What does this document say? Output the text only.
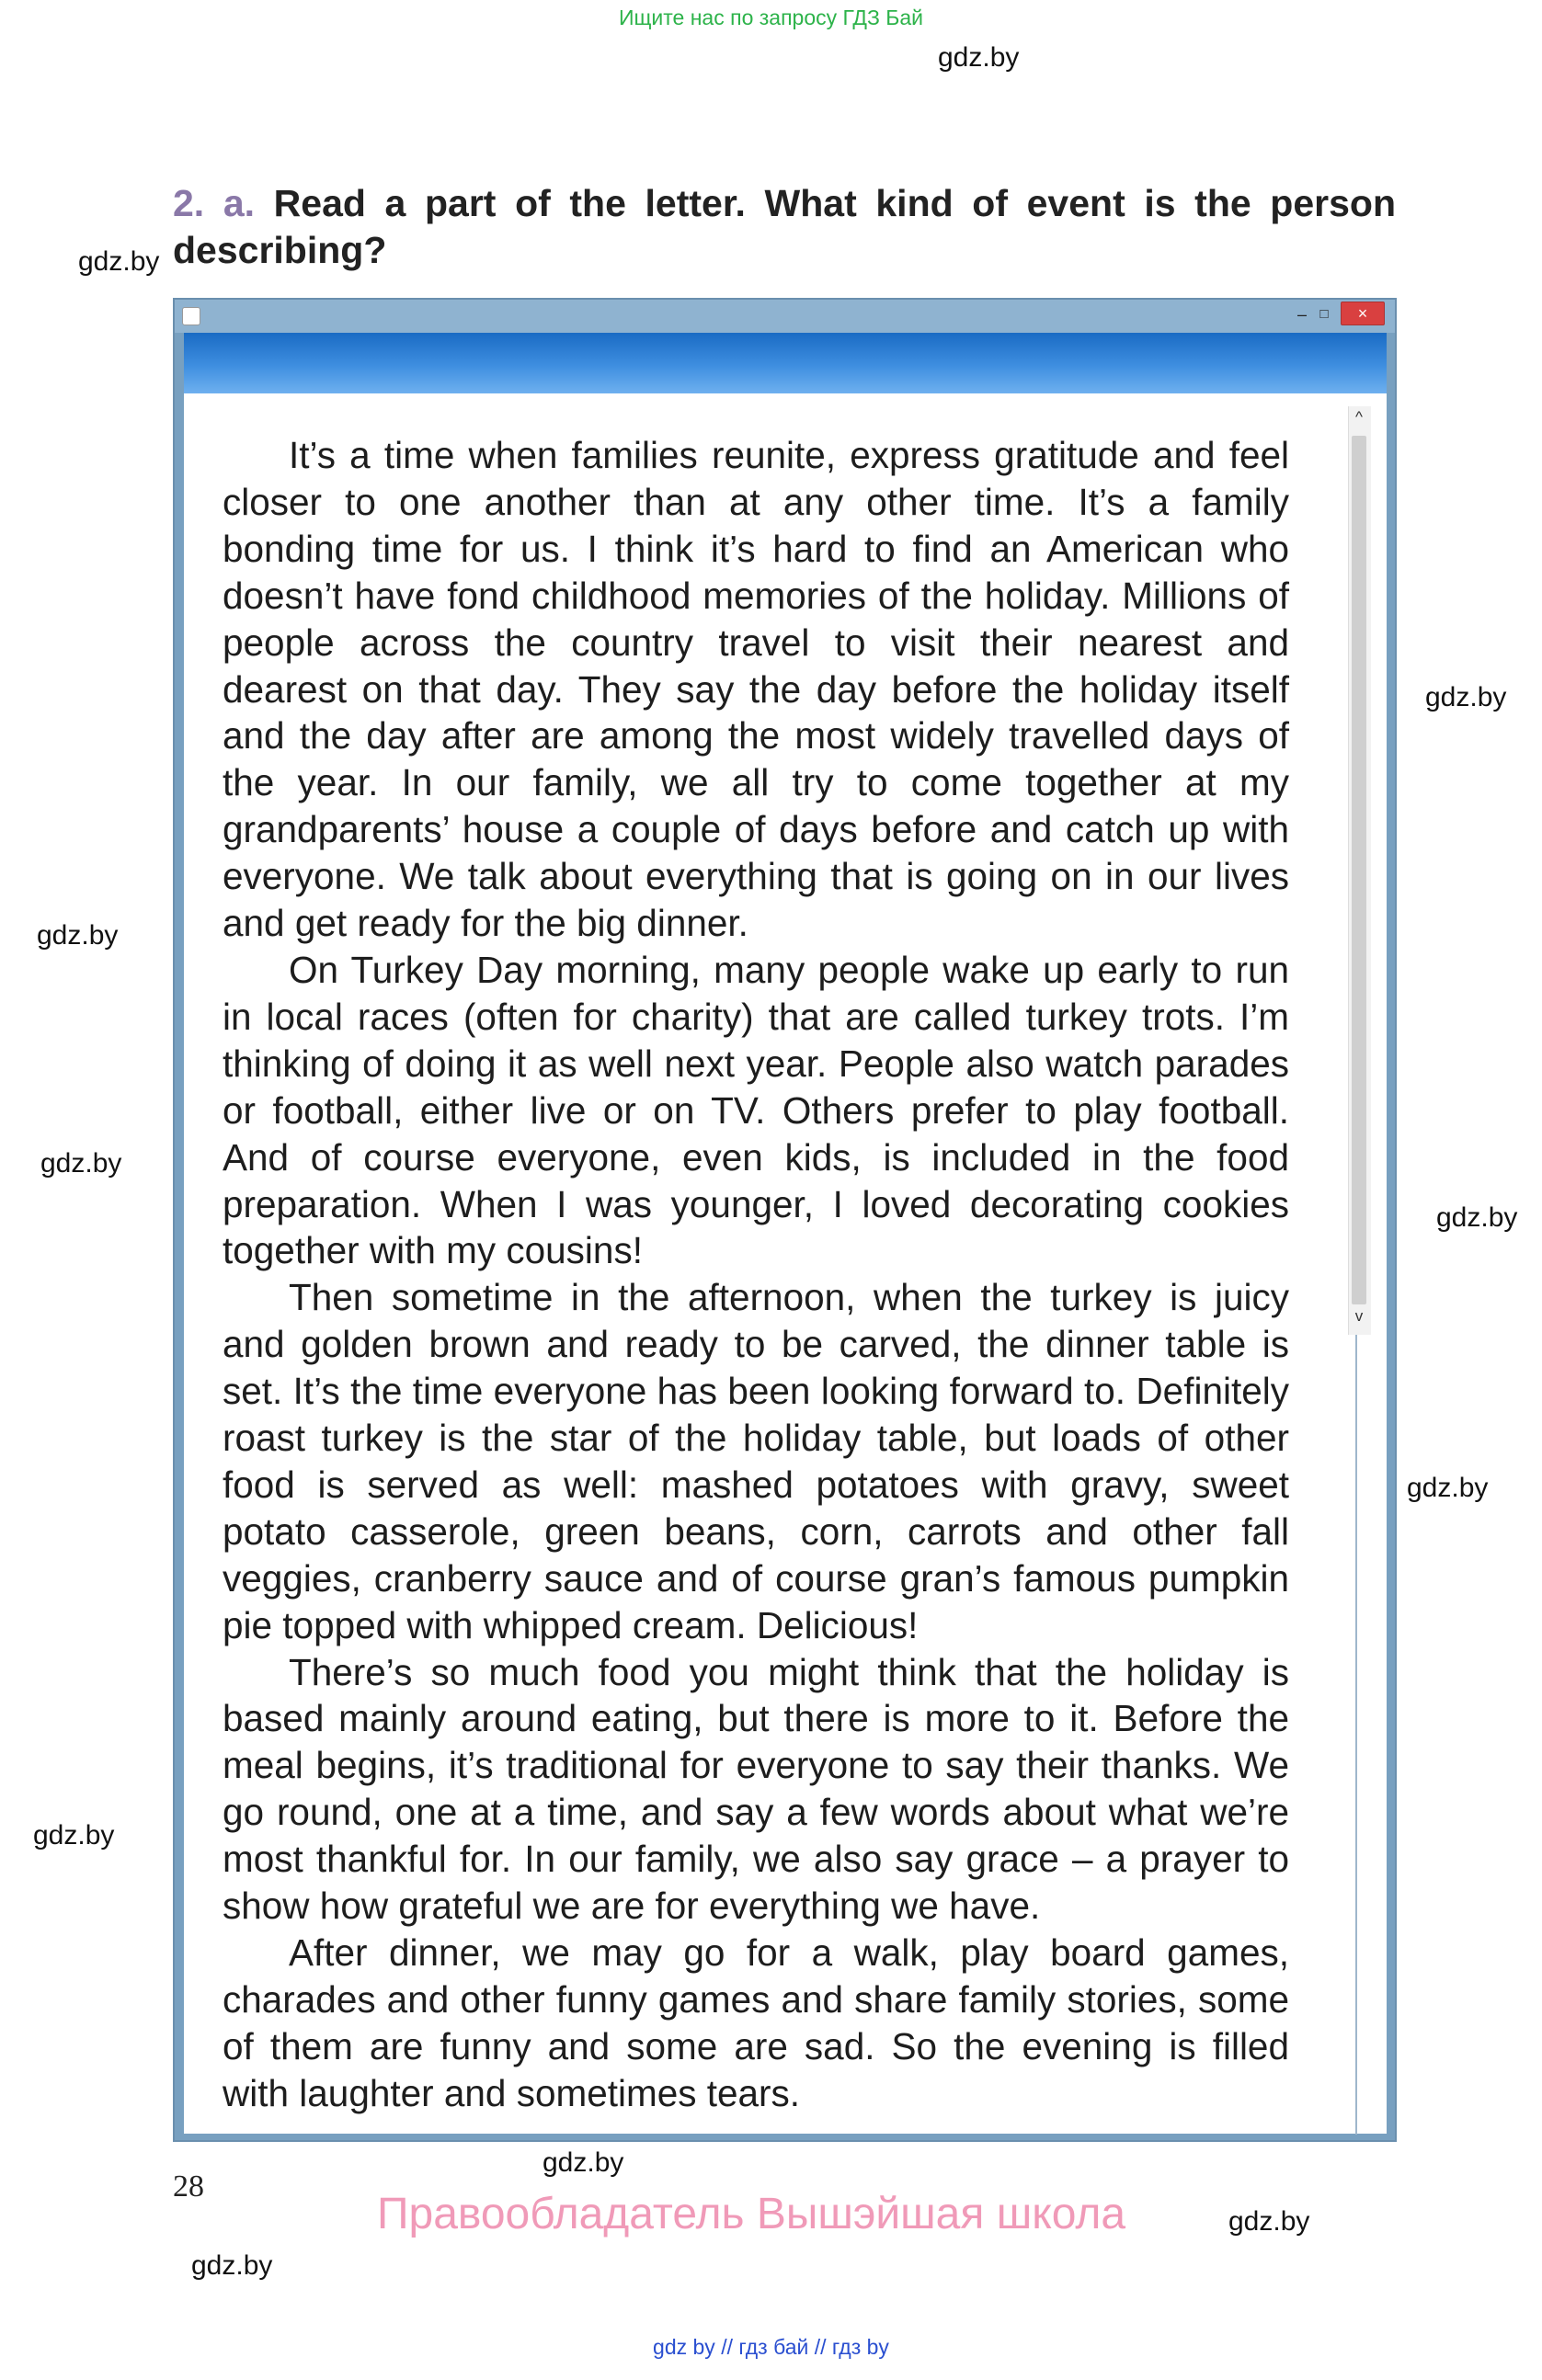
Ищите нас по запросу ГДЗ Бай
gdz.by
gdz.by
gdz.by
gdz.by
gdz.by
gdz.by
gdz.by
gdz.by
gdz.by
gdz.by
gdz.by
2. a. Read a part of the letter. What kind of event is the person
describing?
– □	×
^
v

It’s a time when families reunite, express gratitude and feel closer to one another than at any other time. It’s a family bonding time for us. I think it’s hard to find an American who doesn’t have fond childhood memories of the holiday. Millions of people across the country travel to visit their nearest and dearest on that day. They say the day before the holiday itself and the day after are among the most widely travelled days of the year. In our family, we all try to come together at my grandparents’ house a couple of days before and catch up with everyone. We talk about everything that is going on in our lives and get ready for the big dinner.

On Turkey Day morning, many people wake up early to run in local races (often for charity) that are called turkey trots. I’m thinking of doing it as well next year. People also watch parades or football, either live or on TV. Others prefer to play football. And of course everyone, even kids, is included in the food preparation. When I was younger, I loved decorating cookies together with my cousins!

Then sometime in the afternoon, when the turkey is juicy and golden brown and ready to be carved, the dinner table is set. It’s the time everyone has been looking forward to. Definitely roast turkey is the star of the holiday table, but loads of other food is served as well: mashed potatoes with gravy, sweet potato casserole, green beans, corn, carrots and other fall veggies, cranberry sauce and of course gran’s famous pumpkin pie topped with whipped cream. Delicious!

There’s so much food you might think that the holiday is based mainly around eating, but there is more to it. Before the meal begins, it’s traditional for everyone to say their thanks. We go round, one at a time, and say a few words about what we’re most thankful for. In our family, we also say grace – a prayer to show how grateful we are for everything we have.

After dinner, we may go for a walk, play board games, charades and other funny games and share family stories, some of them are funny and some are sad. So the evening is filled with laughter and sometimes tears.

28
Правообладатель Вышэйшая школа
gdz by // гдз бай // гдз by
